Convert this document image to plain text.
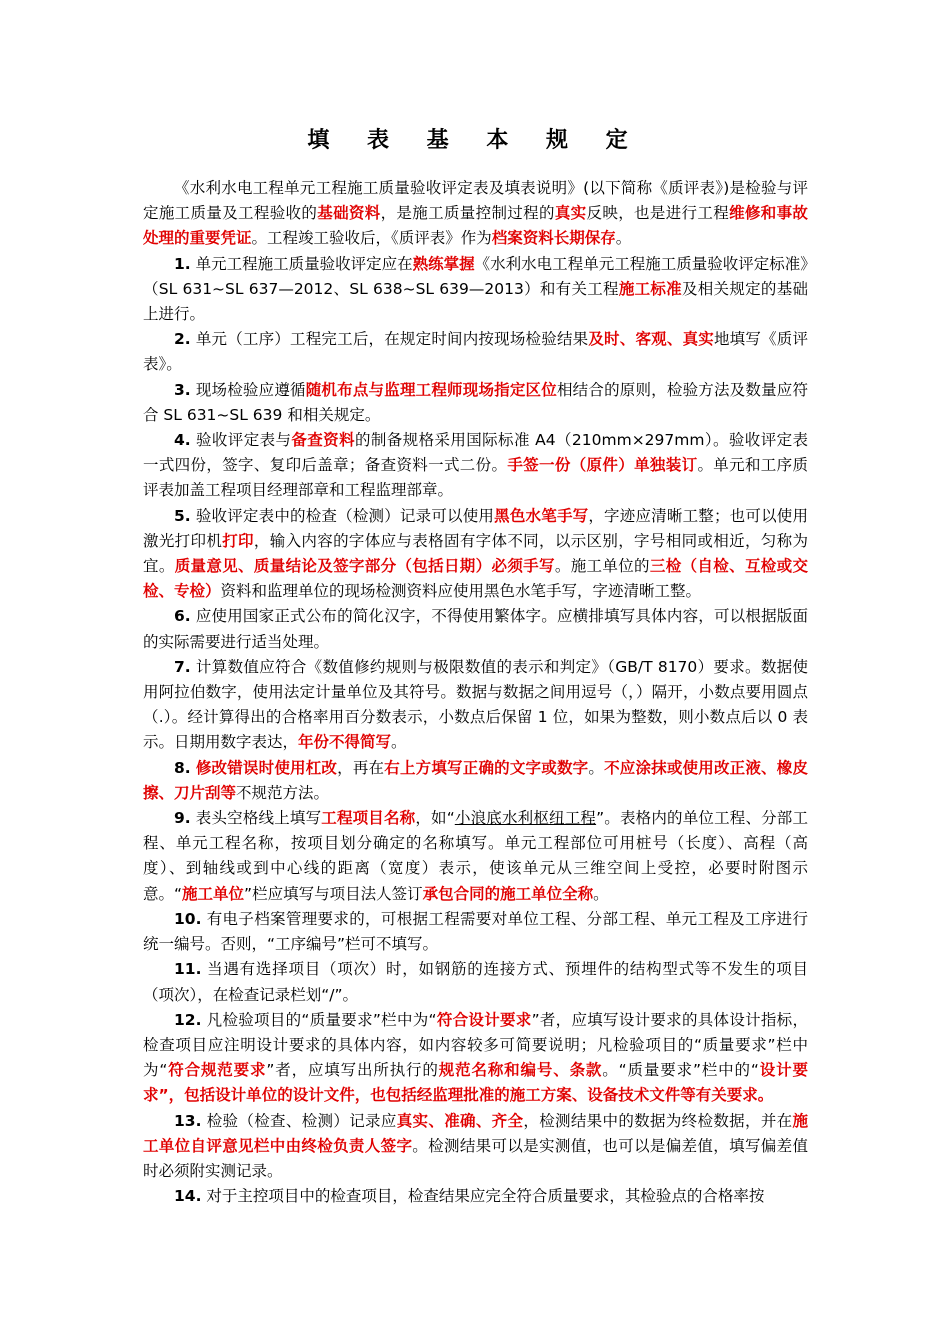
填 表 基 本 规 定

《水利水电工程单元工程施工质量验收评定表及填表说明》(以下简称《质评表》)是检验与评定施工质量及工程验收的基础资料，是施工质量控制过程的真实反映，也是进行工程维修和事故处理的重要凭证。工程竣工验收后，《质评表》作为档案资料长期保存。

1. 单元工程施工质量验收评定应在熟练掌握《水利水电工程单元工程施工质量验收评定标准》（SL 631~SL 637—2012、SL 638~SL 639—2013）和有关工程施工标准及相关规定的基础上进行。

2. 单元（工序）工程完工后，在规定时间内按现场检验结果及时、客观、真实地填写《质评表》。

3. 现场检验应遵循随机布点与监理工程师现场指定区位相结合的原则，检验方法及数量应符合 SL 631~SL 639 和相关规定。

4. 验收评定表与备查资料的制备规格采用国际标准 A4（210mm×297mm）。验收评定表一式四份，签字、复印后盖章；备查资料一式二份。手签一份（原件）单独装订。单元和工序质评表加盖工程项目经理部章和工程监理部章。

5. 验收评定表中的检查（检测）记录可以使用黑色水笔手写，字迹应清晰工整；也可以使用激光打印机打印，输入内容的字体应与表格固有字体不同，以示区别，字号相同或相近，匀称为宜。质量意见、质量结论及签字部分（包括日期）必须手写。施工单位的三检（自检、互检或交检、专检）资料和监理单位的现场检测资料应使用黑色水笔手写，字迹清晰工整。

6. 应使用国家正式公布的简化汉字，不得使用繁体字。应横排填写具体内容，可以根据版面的实际需要进行适当处理。

7. 计算数值应符合《数值修约规则与极限数值的表示和判定》（GB/T 8170）要求。数据使用阿拉伯数字，使用法定计量单位及其符号。数据与数据之间用逗号（，）隔开，小数点要用圆点（.）。经计算得出的合格率用百分数表示，小数点后保留 1 位，如果为整数，则小数点后以 0 表示。日期用数字表达，年份不得简写。

8. 修改错误时使用杠改，再在右上方填写正确的文字或数字。不应涂抹或使用改正液、橡皮擦、刀片刮等不规范方法。

9. 表头空格线上填写工程项目名称，如“小浪底水利枢纽工程”。表格内的单位工程、分部工程、单元工程名称，按项目划分确定的名称填写。单元工程部位可用桩号（长度）、高程（高度）、到轴线或到中心线的距离（宽度）表示，使该单元从三维空间上受控，必要时附图示意。“施工单位”栏应填写与项目法人签订承包合同的施工单位全称。

10. 有电子档案管理要求的，可根据工程需要对单位工程、分部工程、单元工程及工序进行统一编号。否则，“工序编号”栏可不填写。

11. 当遇有选择项目（项次）时，如钢筋的连接方式、预埋件的结构型式等不发生的项目（项次），在检查记录栏划“/”。

12. 凡检验项目的“质量要求”栏中为“符合设计要求”者，应填写设计要求的具体设计指标，检查项目应注明设计要求的具体内容，如内容较多可简要说明；凡检验项目的“质量要求”栏中为“符合规范要求”者，应填写出所执行的规范名称和编号、条款。“质量要求”栏中的“设计要求”，包括设计单位的设计文件，也包括经监理批准的施工方案、设备技术文件等有关要求。

13. 检验（检查、检测）记录应真实、准确、齐全，检测结果中的数据为终检数据，并在施工单位自评意见栏中由终检负责人签字。检测结果可以是实测值，也可以是偏差值，填写偏差值时必须附实测记录。

14. 对于主控项目中的检查项目，检查结果应完全符合质量要求，其检验点的合格率按
